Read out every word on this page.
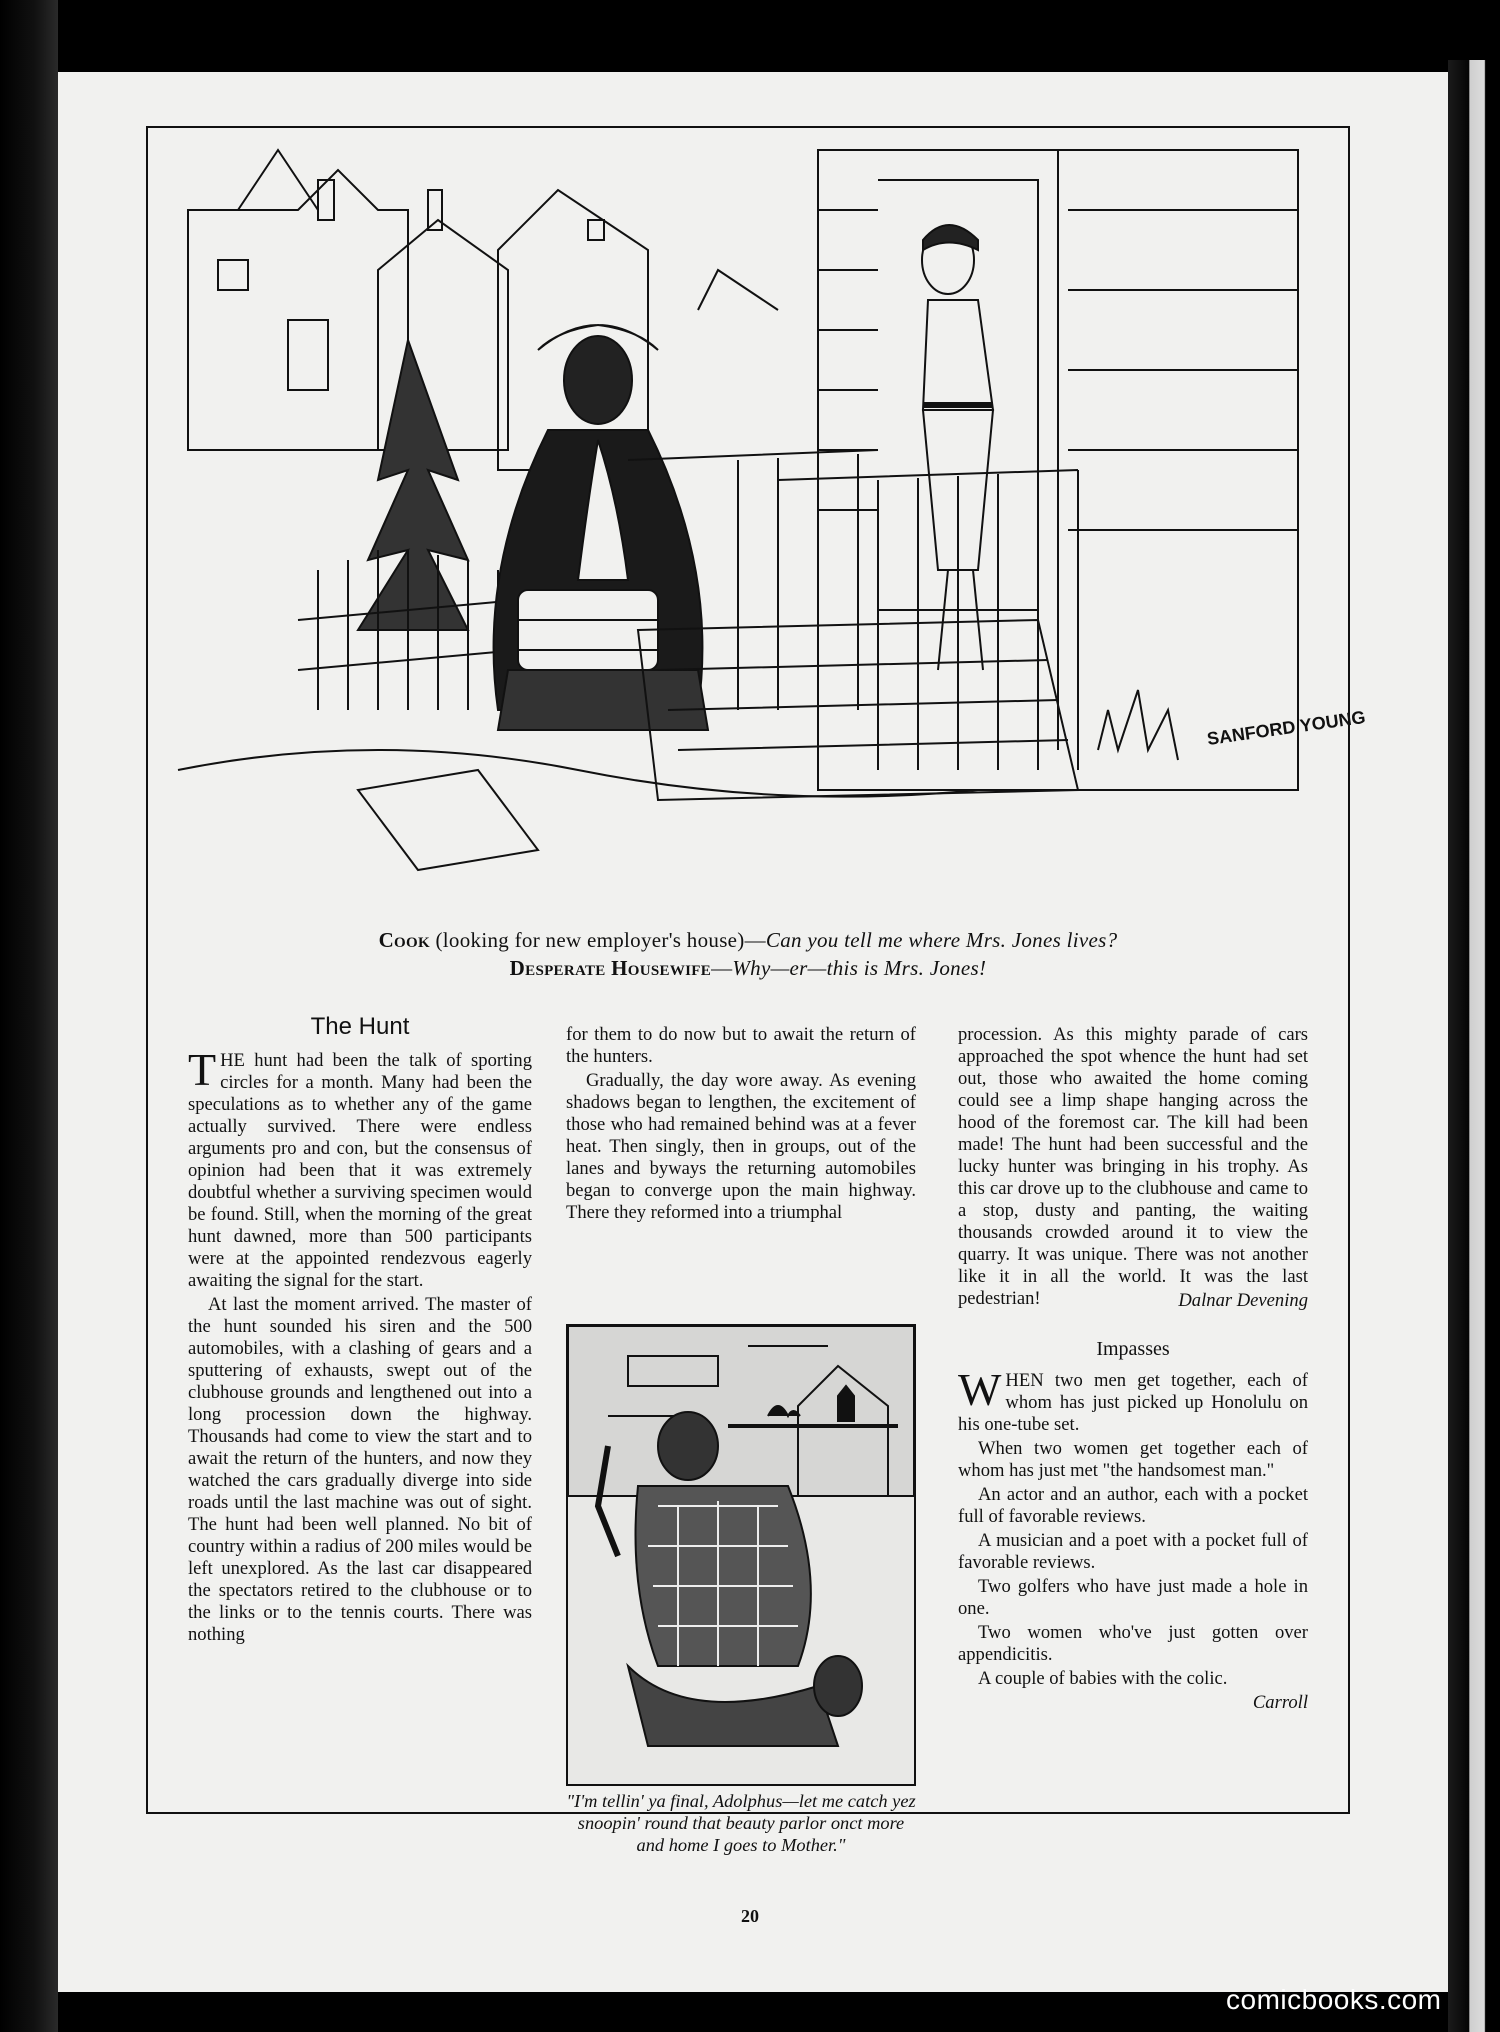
SANFORD YOUNG
Cook (looking for new employer's house)—Can you tell me where Mrs. Jones lives?
Desperate Housewife—Why—er—this is Mrs. Jones!
The Hunt

THE hunt had been the talk of sporting circles for a month. Many had been the speculations as to whether any of the game actually survived. There were endless arguments pro and con, but the consensus of opinion had been that it was extremely doubtful whether a surviving specimen would be found. Still, when the morning of the great hunt dawned, more than 500 participants were at the appointed rendezvous eagerly awaiting the signal for the start.

At last the moment arrived. The master of the hunt sounded his siren and the 500 automobiles, with a clashing of gears and a sputtering of exhausts, swept out of the clubhouse grounds and lengthened out into a long procession down the highway. Thousands had come to view the start and to await the return of the hunters, and now they watched the cars gradually diverge into side roads until the last machine was out of sight. The hunt had been well planned. No bit of country within a radius of 200 miles would be left unexplored. As the last car disappeared the spectators retired to the clubhouse or to the links or to the tennis courts. There was nothing

for them to do now but to await the return of the hunters.

Gradually, the day wore away. As evening shadows began to lengthen, the excitement of those who had remained behind was at a fever heat. Then singly, then in groups, out of the lanes and byways the returning automobiles began to converge upon the main highway. There they reformed into a triumphal

"I'm tellin' ya final, Adolphus—let me catch yez snoopin' round that beauty parlor onct more and home I goes to Mother."

procession. As this mighty parade of cars approached the spot whence the hunt had set out, those who awaited the home coming could see a limp shape hanging across the hood of the foremost car. The kill had been made! The hunt had been successful and the lucky hunter was bringing in his trophy. As this car drove up to the clubhouse and came to a stop, dusty and panting, the waiting thousands crowded around it to view the quarry. It was unique. There was not another like it in all the world. It was the last pedestrian!	Dalnar Devening
Impasses

WHEN two men get together, each of whom has just picked up Honolulu on his one-tube set.

When two women get together each of whom has just met "the handsomest man."

An actor and an author, each with a pocket full of favorable reviews.

A musician and a poet with a pocket full of favorable reviews.

Two golfers who have just made a hole in one.

Two women who've just gotten over appendicitis.

A couple of babies with the colic.

Carroll
20
comicbooks.com
